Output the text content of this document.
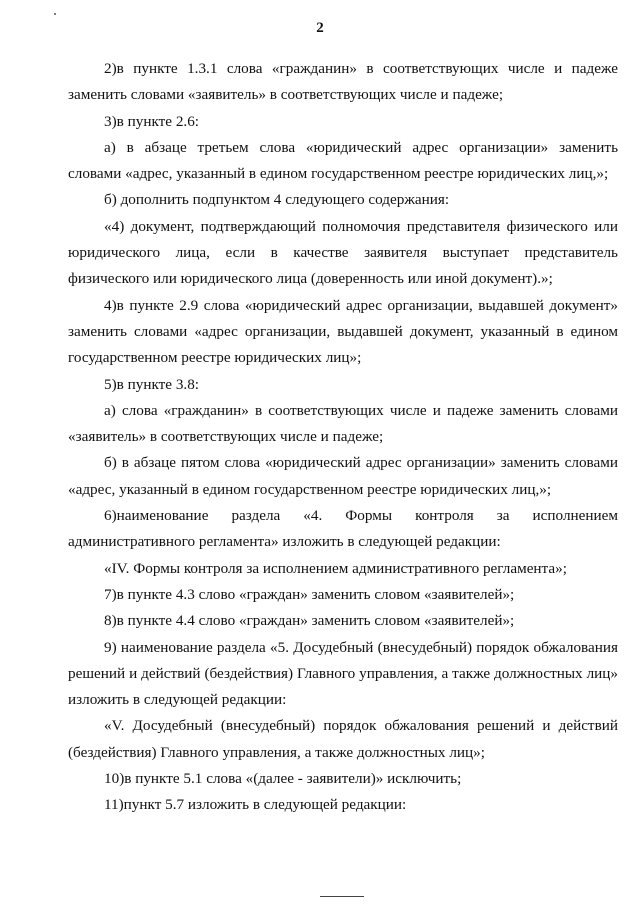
2

2)в пункте 1.3.1 слова «гражданин» в соответствующих числе и падеже заменить словами «заявитель» в соответствующих числе и падеже;

3)в пункте 2.6:

а) в абзаце третьем слова «юридический адрес организации» заменить словами «адрес, указанный в едином государственном реестре юридических лиц,»;

б) дополнить подпунктом 4 следующего содержания:

«4) документ, подтверждающий полномочия представителя физического или юридического лица, если в качестве заявителя выступает представитель физического или юридического лица (доверенность или иной документ).»;

4)в пункте 2.9 слова «юридический адрес организации, выдавшей документ» заменить словами «адрес организации, выдавшей документ, указанный в едином государственном реестре юридических лиц»;

5)в пункте 3.8:

а) слова «гражданин» в соответствующих числе и падеже заменить словами «заявитель» в соответствующих числе и падеже;

б) в абзаце пятом слова «юридический адрес организации» заменить словами «адрес, указанный в едином государственном реестре юридических лиц,»;

6)наименование раздела «4. Формы контроля за исполнением административного регламента» изложить в следующей редакции:

«IV. Формы контроля за исполнением административного регламента»;

7)в пункте 4.3 слово «граждан» заменить словом «заявителей»;

8)в пункте 4.4 слово «граждан» заменить словом «заявителей»;

9) наименование раздела «5. Досудебный (внесудебный) порядок обжалования решений и действий (бездействия) Главного управления, а также должностных лиц» изложить в следующей редакции:

«V. Досудебный (внесудебный) порядок обжалования решений и действий (бездействия) Главного управления, а также должностных лиц»;

10)в пункте 5.1 слова «(далее - заявители)» исключить;

11)пункт 5.7 изложить в следующей редакции:
